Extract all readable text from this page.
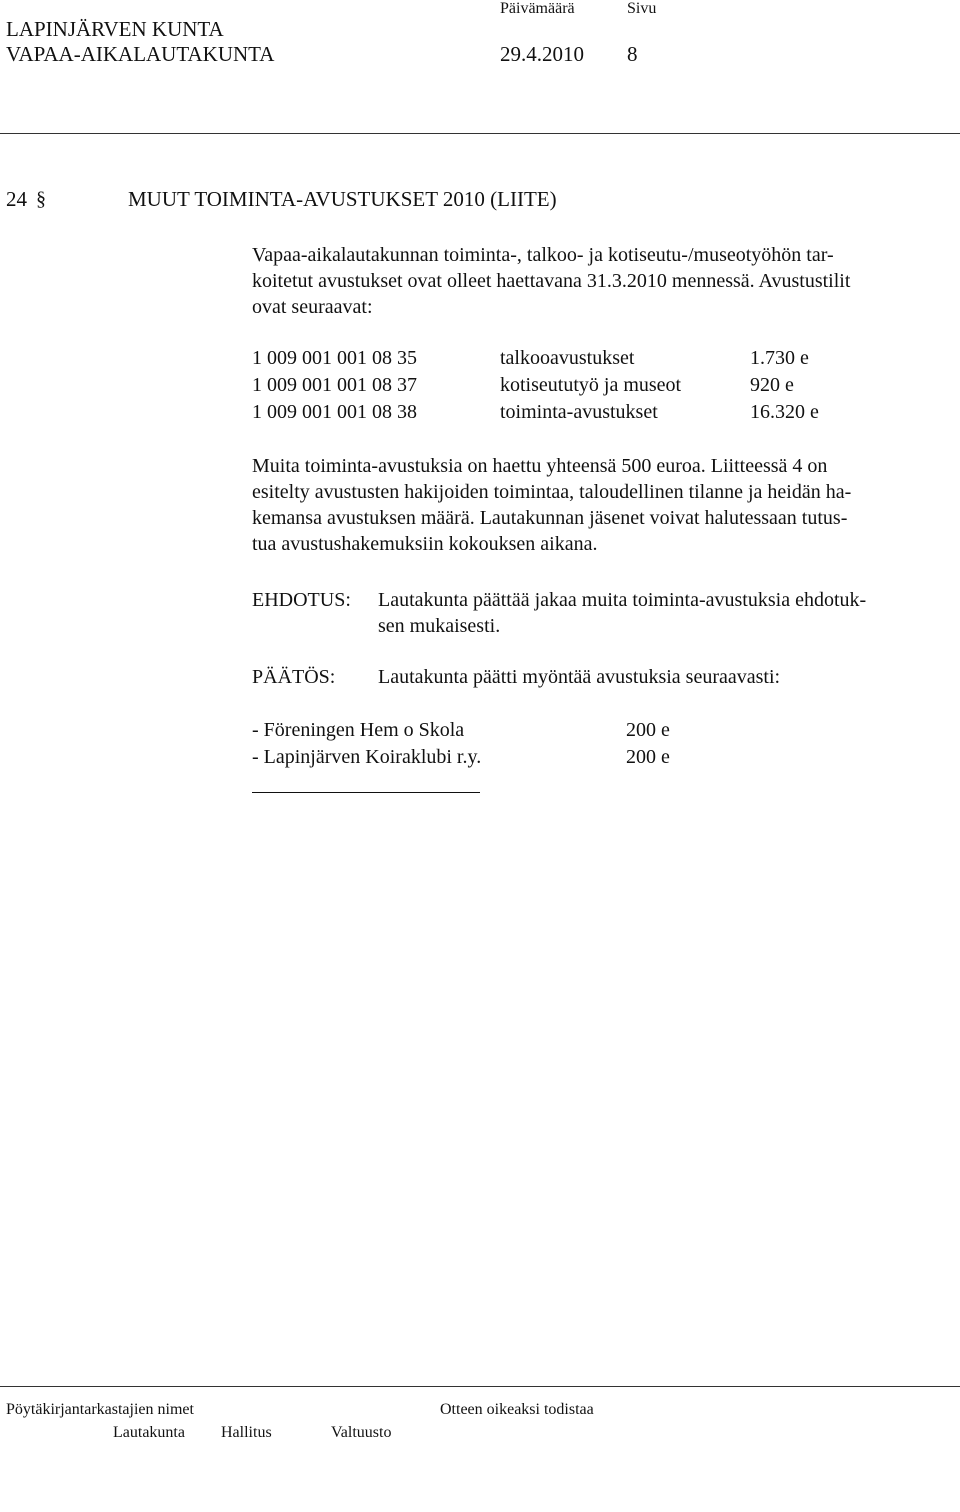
LAPINJÄRVEN KUNTA
VAPAA-AIKALAUTAKUNTA
Päivämäärä	Sivu
29.4.2010 8
24 §	MUUT TOIMINTA-AVUSTUKSET 2010 (LIITE)
Vapaa-aikalautakunnan toiminta-, talkoo- ja kotiseutu-/museotyöhön tar-
koitetut avustukset ovat olleet haettavana 31.3.2010 mennessä. Avustustilit
ovat seuraavat:
1 009 001 001 08 35	talkooavustukset	1.730 e
1 009 001 001 08 37	kotiseututyö ja museot	920 e
1 009 001 001 08 38	toiminta-avustukset	16.320 e
Muita toiminta-avustuksia on haettu yhteensä 500 euroa. Liitteessä 4 on
esitelty avustusten hakijoiden toimintaa, taloudellinen tilanne ja heidän ha-
kemansa avustuksen määrä. Lautakunnan jäsenet voivat halutessaan tutus-
tua avustushakemuksiin kokouksen aikana.
EHDOTUS: Lautakunta päättää jakaa muita toiminta-avustuksia ehdotuk-
sen mukaisesti.
PÄÄTÖS: Lautakunta päätti myöntää avustuksia seuraavasti:
- Föreningen Hem o Skola	200 e
- Lapinjärven Koiraklubi r.y.	200 e
Pöytäkirjantarkastajien nimet	Otteen oikeaksi todistaa
Lautakunta Hallitus	Valtuusto
